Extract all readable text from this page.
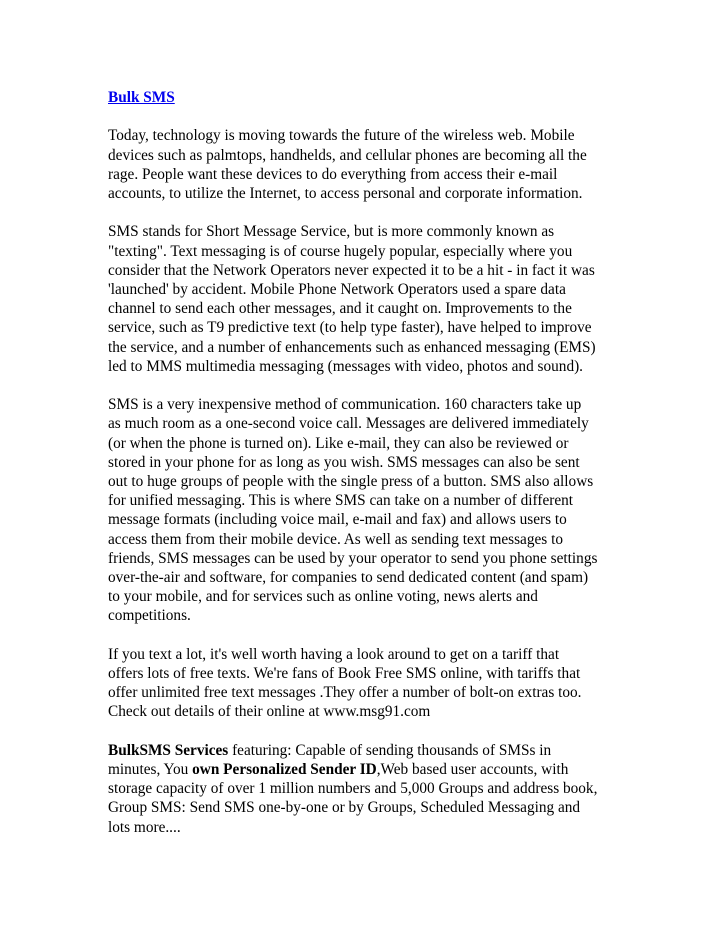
Bulk SMS

Today, technology is moving towards the future of the wireless web. Mobile
devices such as palmtops, handhelds, and cellular phones are becoming all the
rage. People want these devices to do everything from access their e-mail
accounts, to utilize the Internet, to access personal and corporate information.

SMS stands for Short Message Service, but is more commonly known as
"texting". Text messaging is of course hugely popular, especially where you
consider that the Network Operators never expected it to be a hit - in fact it was
'launched' by accident. Mobile Phone Network Operators used a spare data
channel to send each other messages, and it caught on. Improvements to the
service, such as T9 predictive text (to help type faster), have helped to improve
the service, and a number of enhancements such as enhanced messaging (EMS)
led to MMS multimedia messaging (messages with video, photos and sound).

SMS is a very inexpensive method of communication. 160 characters take up
as much room as a one-second voice call. Messages are delivered immediately
(or when the phone is turned on). Like e-mail, they can also be reviewed or
stored in your phone for as long as you wish. SMS messages can also be sent
out to huge groups of people with the single press of a button. SMS also allows
for unified messaging. This is where SMS can take on a number of different
message formats (including voice mail, e-mail and fax) and allows users to
access them from their mobile device. As well as sending text messages to
friends, SMS messages can be used by your operator to send you phone settings
over-the-air and software, for companies to send dedicated content (and spam)
to your mobile, and for services such as online voting, news alerts and
competitions.

If you text a lot, it's well worth having a look around to get on a tariff that
offers lots of free texts. We're fans of Book Free SMS online, with tariffs that
offer unlimited free text messages .They offer a number of bolt-on extras too.
Check out details of their online at www.msg91.com

BulkSMS Services featuring: Capable of sending thousands of SMSs in
minutes, You own Personalized Sender ID,Web based user accounts, with
storage capacity of over 1 million numbers and 5,000 Groups and address book,
Group SMS: Send SMS one-by-one or by Groups, Scheduled Messaging and
lots more....
